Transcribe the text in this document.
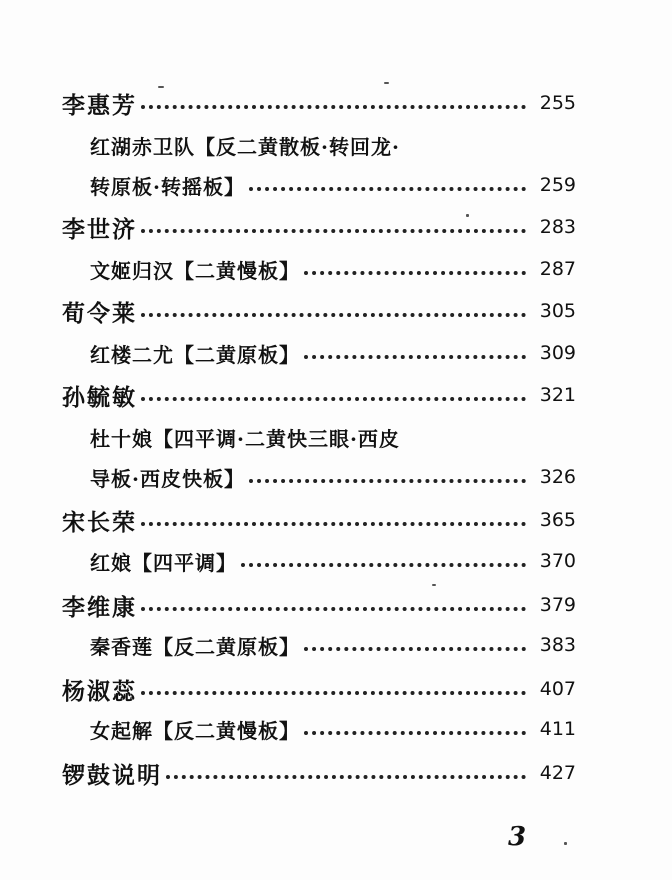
李惠芳	255
红湖赤卫队【反二黄散板·转回龙·
转原板·转摇板】	259
李世济	283
文姬归汉【二黄慢板】	287
荀令莱	305
红楼二尤【二黄原板】	309
孙毓敏	321
杜十娘【四平调·二黄快三眼·西皮
导板·西皮快板】	326
宋长荣	365
红娘【四平调】	370
李维康	379
秦香莲【反二黄原板】	383
杨淑蕊	407
女起解【反二黄慢板】	411
锣鼓说明	427
3
